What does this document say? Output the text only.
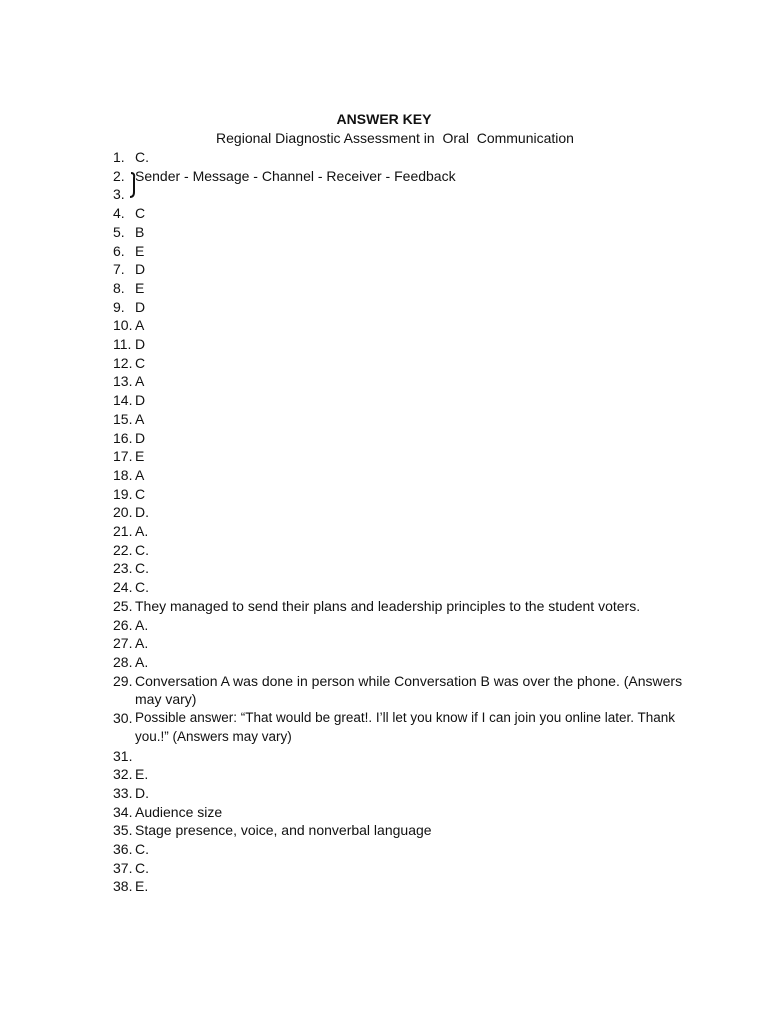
ANSWER KEY
Regional Diagnostic Assessment in  Oral  Communication
1. C.
2. Sender - Message - Channel - Receiver - Feedback
3.
4. C
5. B
6. E
7. D
8. E
9. D
10. A
11. D
12. C
13. A
14. D
15. A
16. D
17. E
18. A
19. C
20. D.
21. A.
22. C.
23. C.
24. C.
25. They managed to send their plans and leadership principles to the student voters.
26. A.
27. A.
28. A.
29. Conversation A was done in person while Conversation B was over the phone. (Answers may vary)
30. Possible answer: “That would be great!. I’ll let you know if I can join you online later. Thank you.!” (Answers may vary)
31.
32. E.
33. D.
34. Audience size
35. Stage presence, voice, and nonverbal language
36. C.
37. C.
38. E.
